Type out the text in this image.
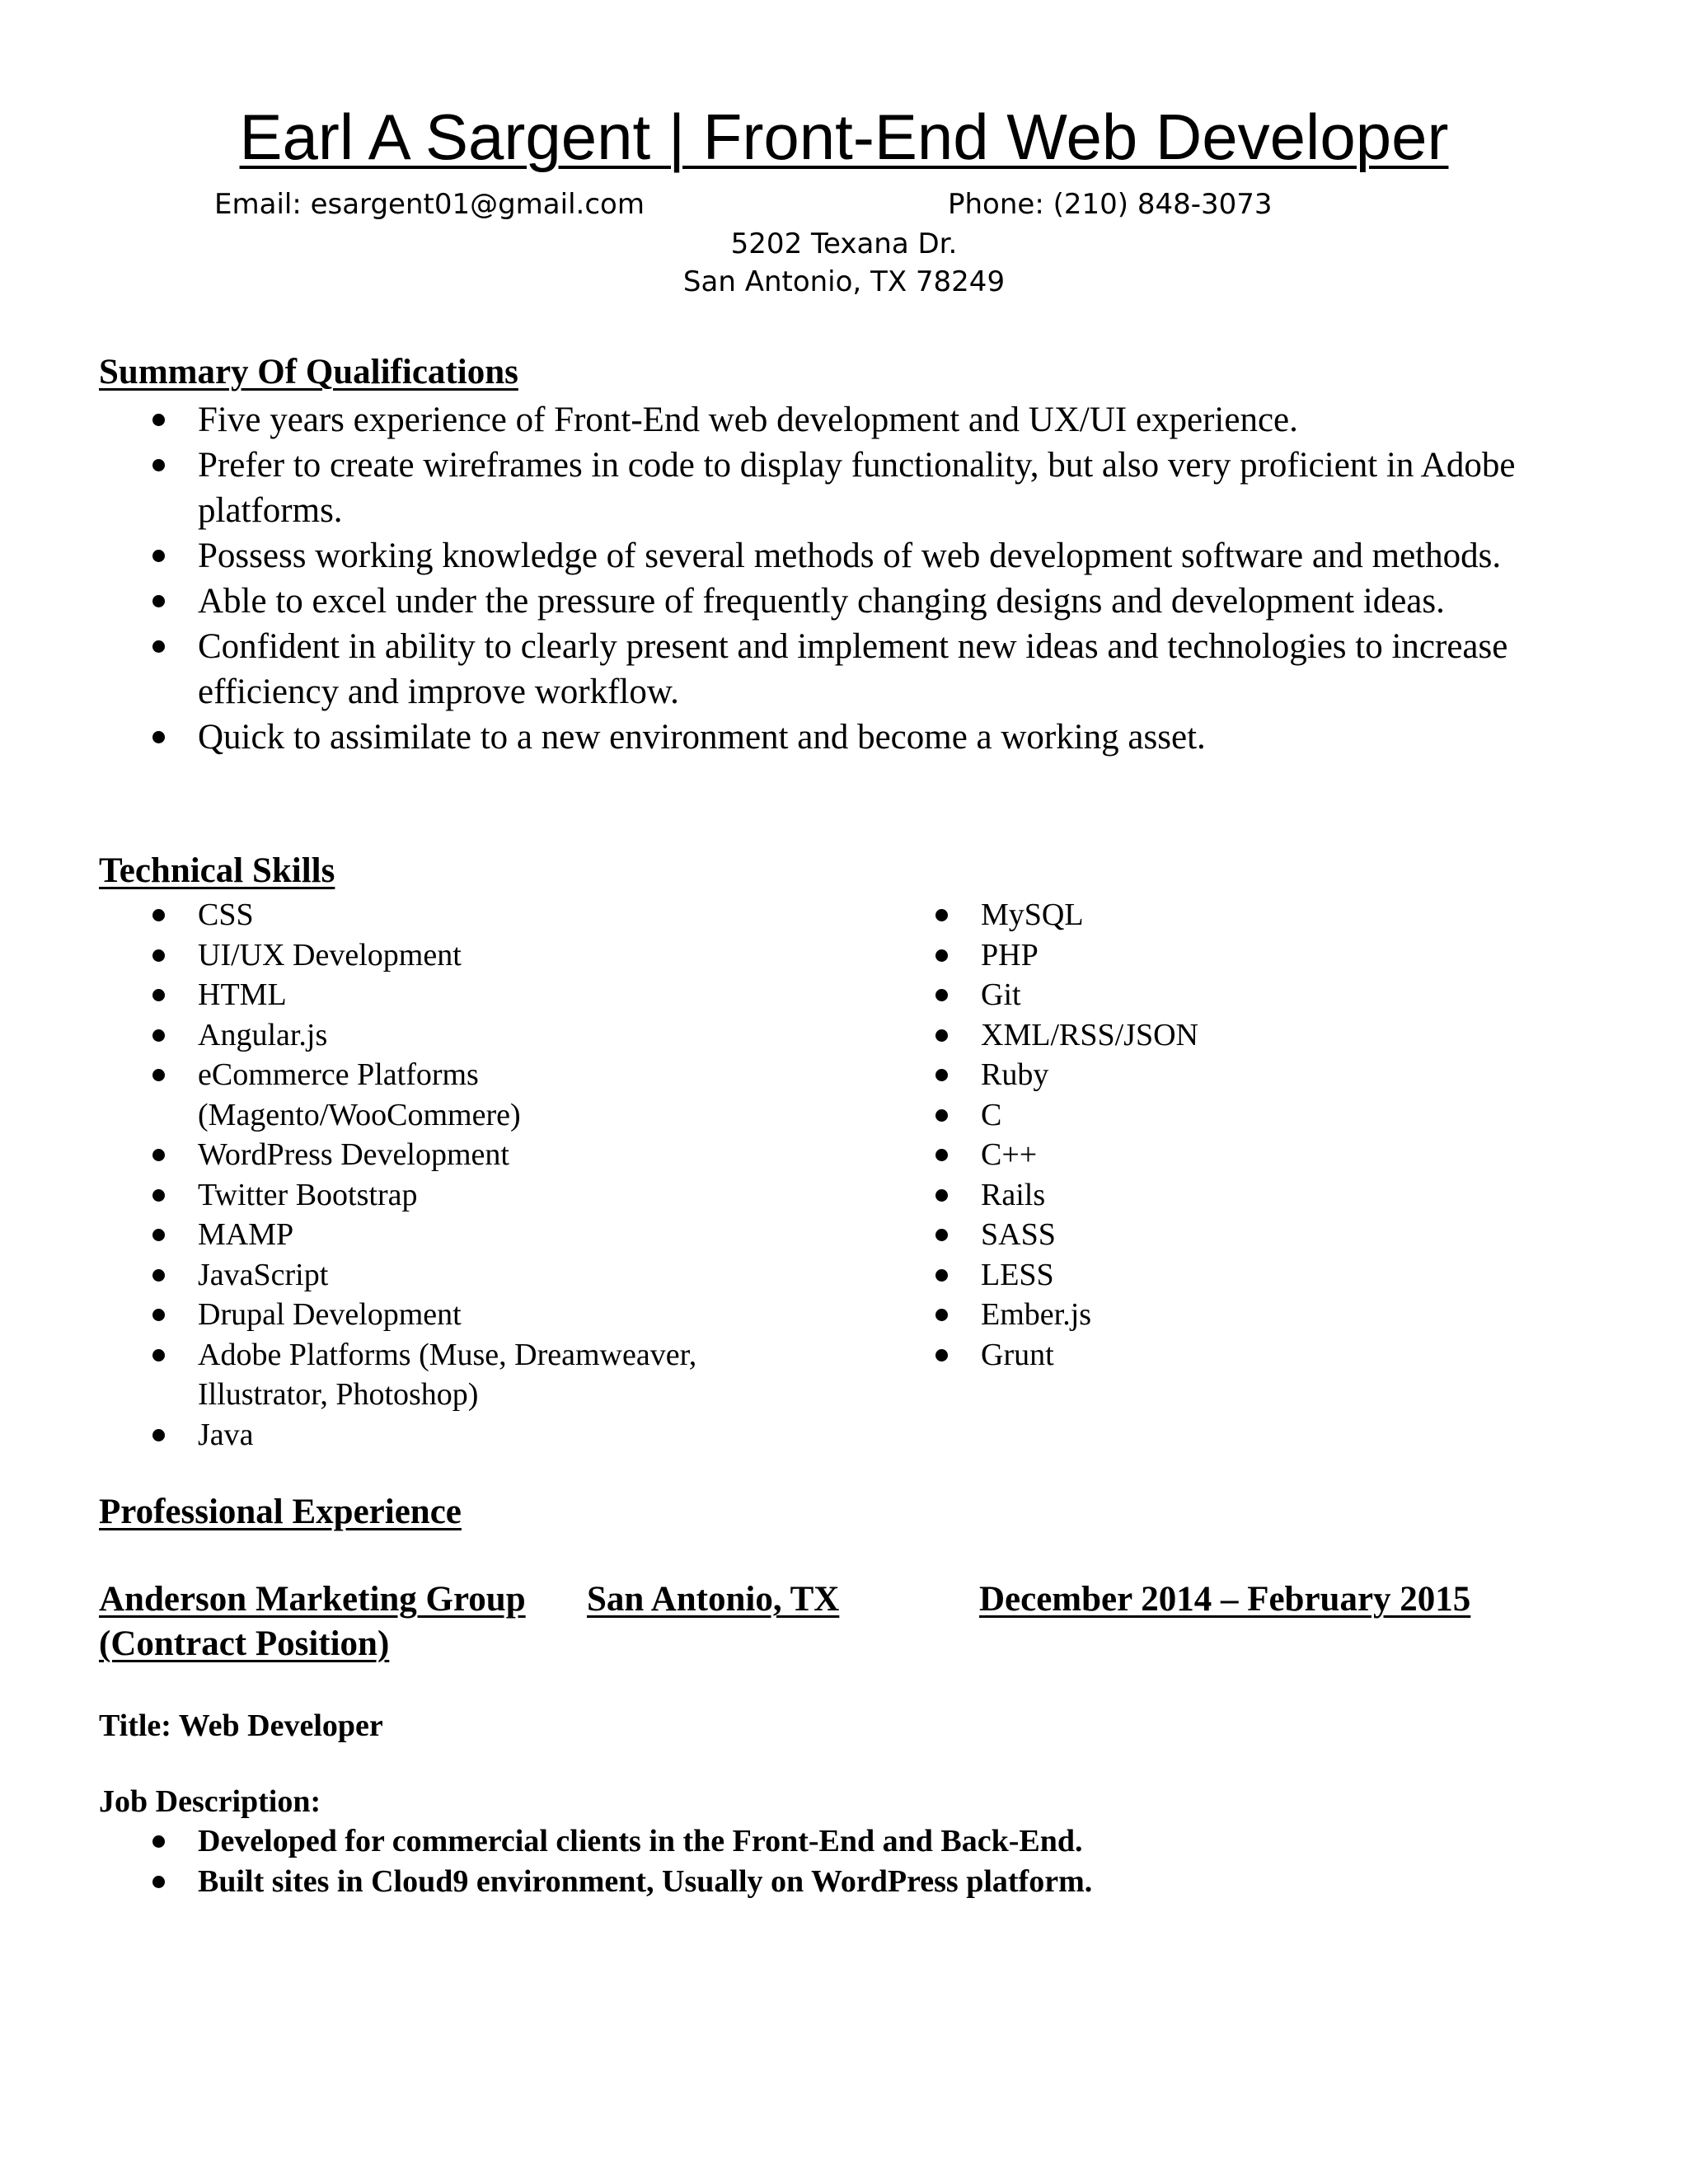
Earl A Sargent | Front-End Web Developer
Email: esargent01@gmail.com	Phone: (210) 848-3073
5202 Texana Dr.
San Antonio, TX 78249
Summary Of Qualifications
Five years experience of Front-End web development and UX/UI experience.
Prefer to create wireframes in code to display functionality, but also very proficient in Adobe platforms.
Possess working knowledge of several methods of web development software and methods.
Able to excel under the pressure of frequently changing designs and development ideas.
Confident in ability to clearly present and implement new ideas and technologies to increase efficiency and improve workflow.
Quick to assimilate to a new environment and become a working asset.
Technical Skills
CSS
UI/UX Development
HTML
Angular.js
eCommerce Platforms (Magento/WooCommere)
WordPress Development
Twitter Bootstrap
MAMP
JavaScript
Drupal Development
Adobe Platforms (Muse, Dreamweaver, Illustrator, Photoshop)
Java
MySQL
PHP
Git
XML/RSS/JSON
Ruby
C
C++
Rails
SASS
LESS
Ember.js
Grunt
Professional Experience
Anderson Marketing Group San Antonio, TX	December 2014 – February 2015
(Contract Position)
Title: Web Developer
Job Description:
Developed for commercial clients in the Front-End and Back-End.
Built sites in Cloud9 environment, Usually on WordPress platform.
